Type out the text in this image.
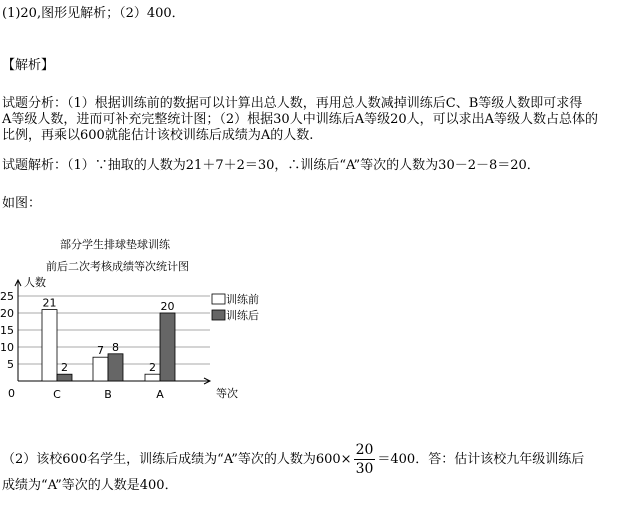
(1)20,图形见解析；（2）400．
【解析】
试题分析：（1）根据训练前的数据可以计算出总人数，再用总人数减掉训练后C、B等级人数即可求得
A等级人数，进而可补充完整统计图；（2）根据30人中训练后A等级20人，可以求出A等级人数占总体的
比例，再乘以600就能估计该校训练后成绩为A的人数.
试题解析：（1）∵抽取的人数为21＋7＋2＝30，∴训练后“A”等次的人数为30－2－8＝20．
如图：
部分学生排球垫球训练
前后二次考核成绩等次统计图
5
10
15
20
25
人数
等次
0
21
2
C
7 8
B
2
20
A
训练前
训练后
（2）该校600名学生，训练后成绩为“A”等次的人数为$600\times \frac{20}{30} =400$．答：估计该校九年级训练后
成绩为“A”等次的人数是400．
